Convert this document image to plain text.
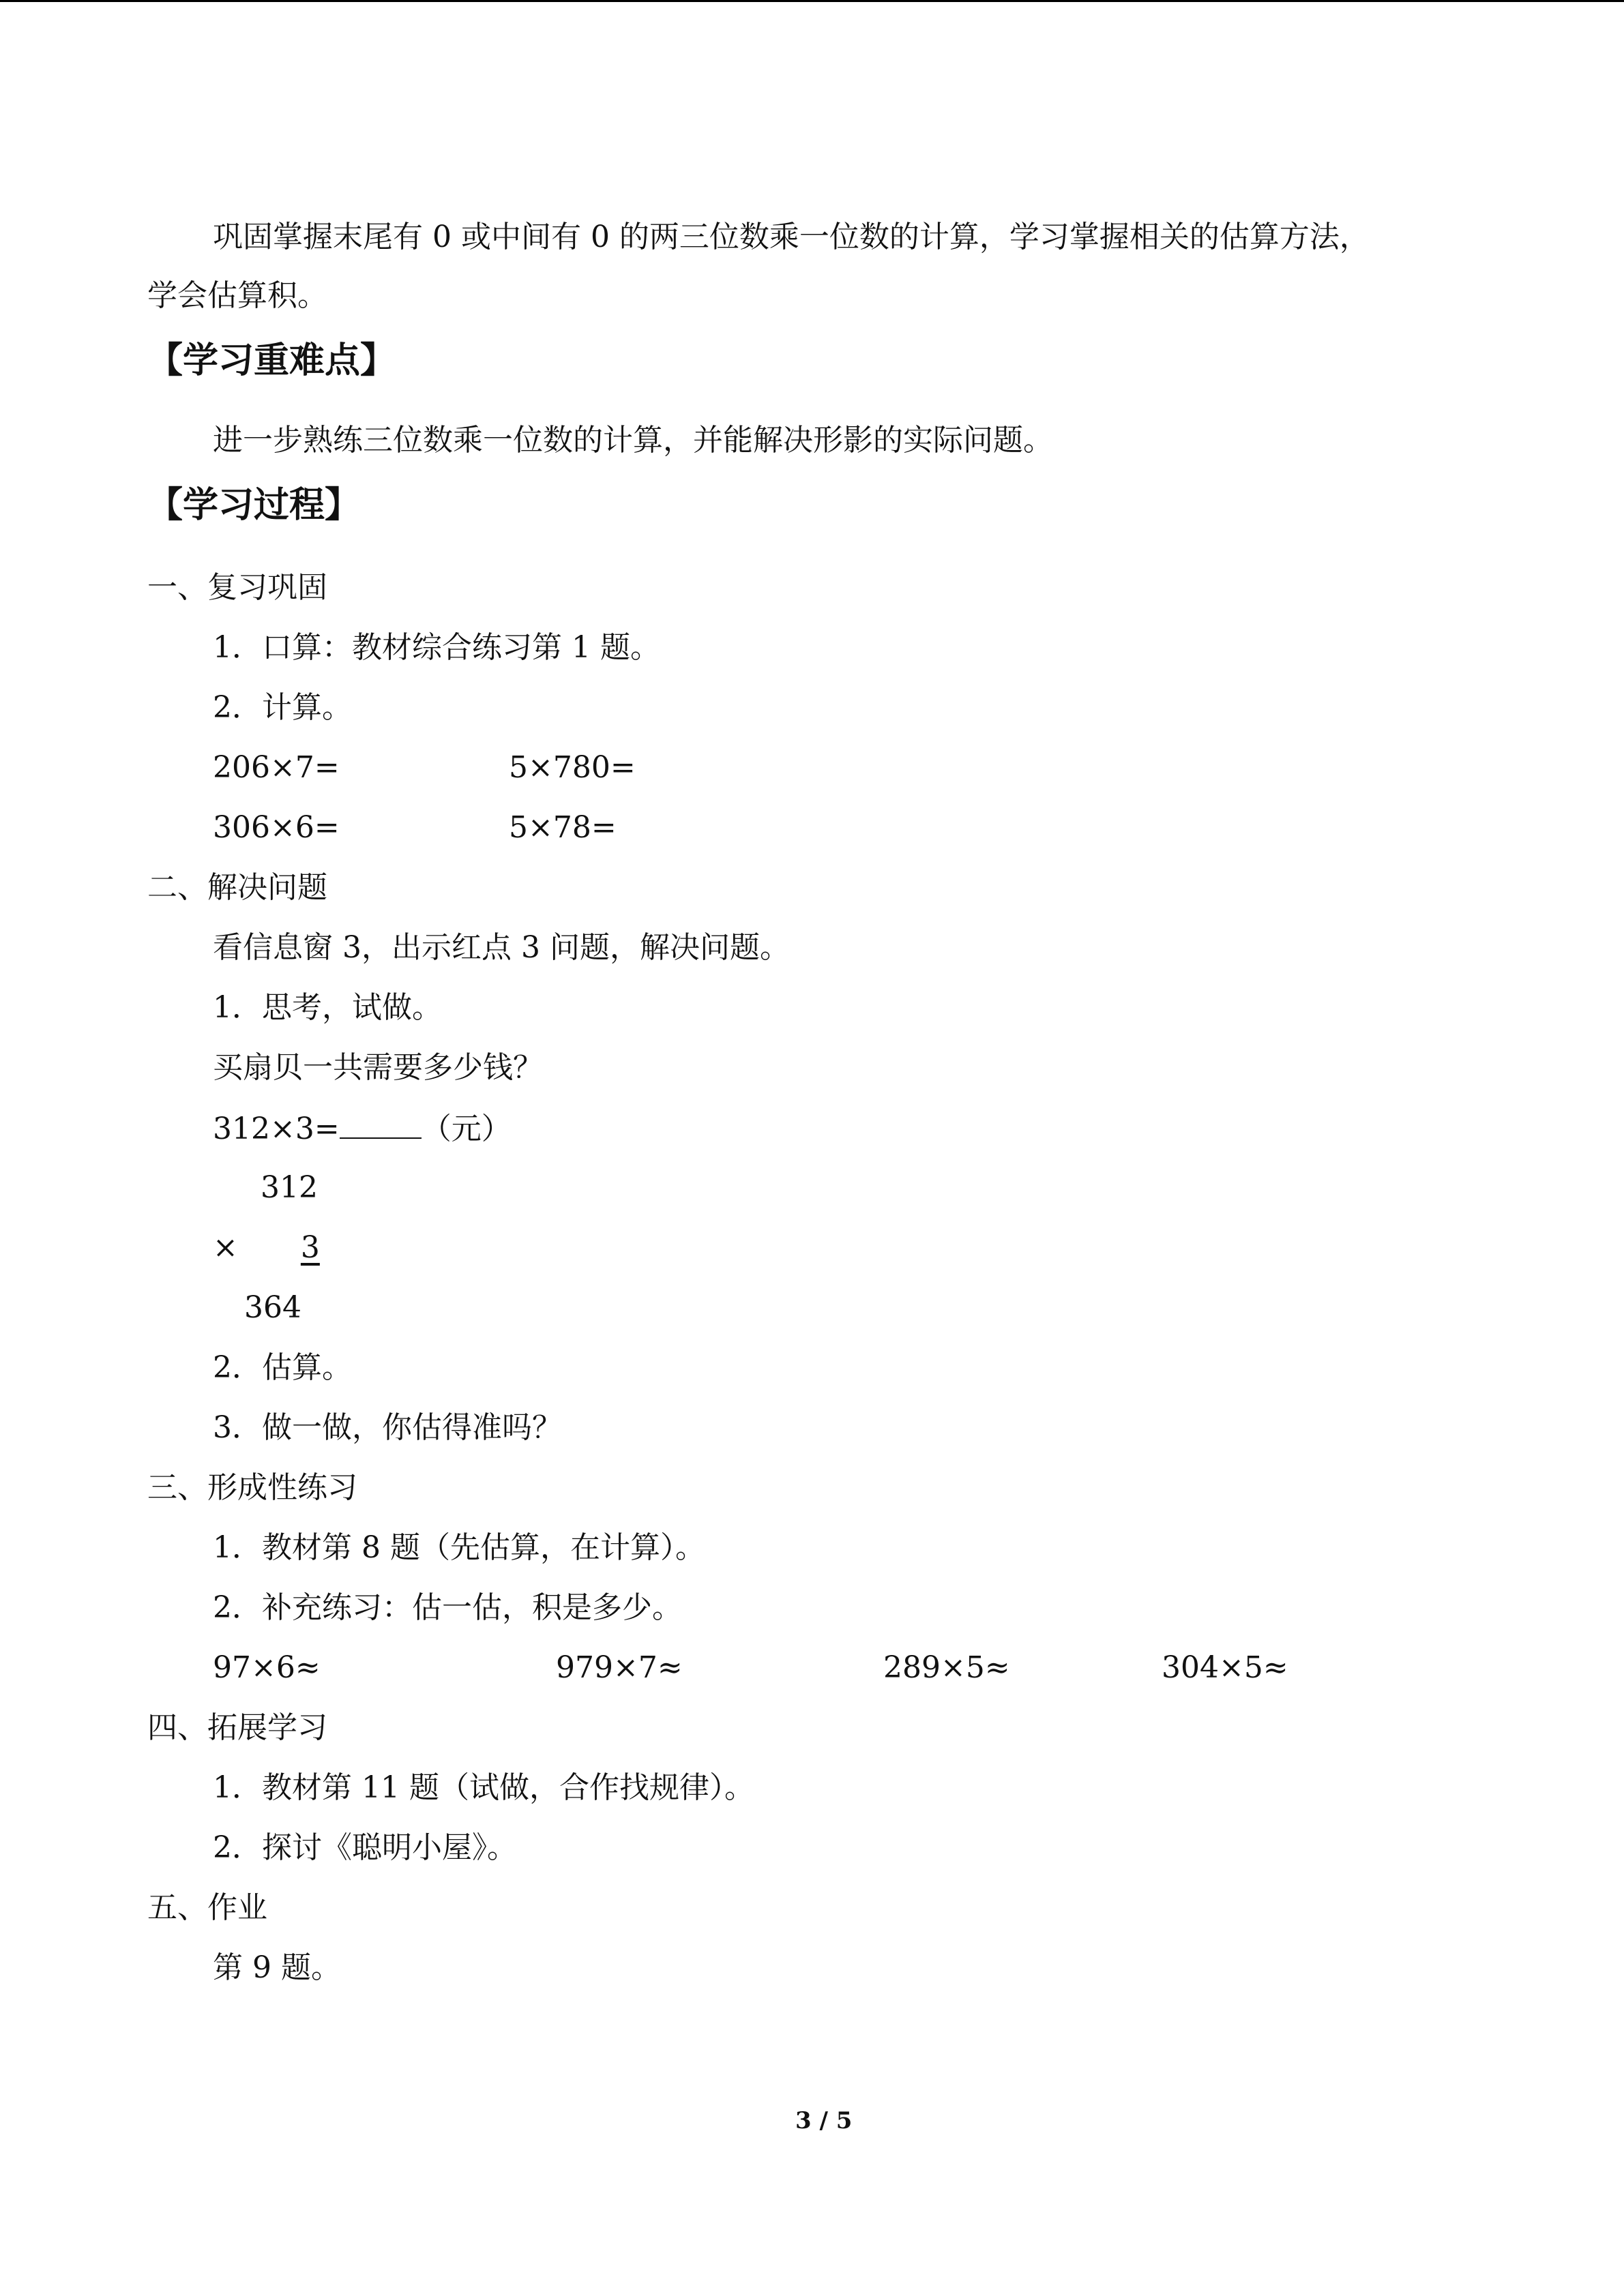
巩固掌握末尾有 0 或中间有 0 的两三位数乘一位数的计算，学习掌握相关的估算方法，
学会估算积。
【学习重难点】
进一步熟练三位数乘一位数的计算，并能解决形影的实际问题。
【学习过程】
一、复习巩固
1．口算：教材综合练习第 1 题。
2．计算。
206×7=	5×780=
306×6=	5×78=
二、解决问题
看信息窗 3，出示红点 3 问题，解决问题。
1．思考，试做。
买扇贝一共需要多少钱？
312×3=	（元）
312
× 3
364
2．估算。
3．做一做，你估得准吗？
三、形成性练习
1．教材第 8 题（先估算，在计算）。
2．补充练习：估一估，积是多少。
97×6≈	979×7≈	289×5≈	304×5≈
四、拓展学习
1．教材第 11 题（试做，合作找规律）。
2．探讨《聪明小屋》。
五、作业
第 9 题。
3 / 5
